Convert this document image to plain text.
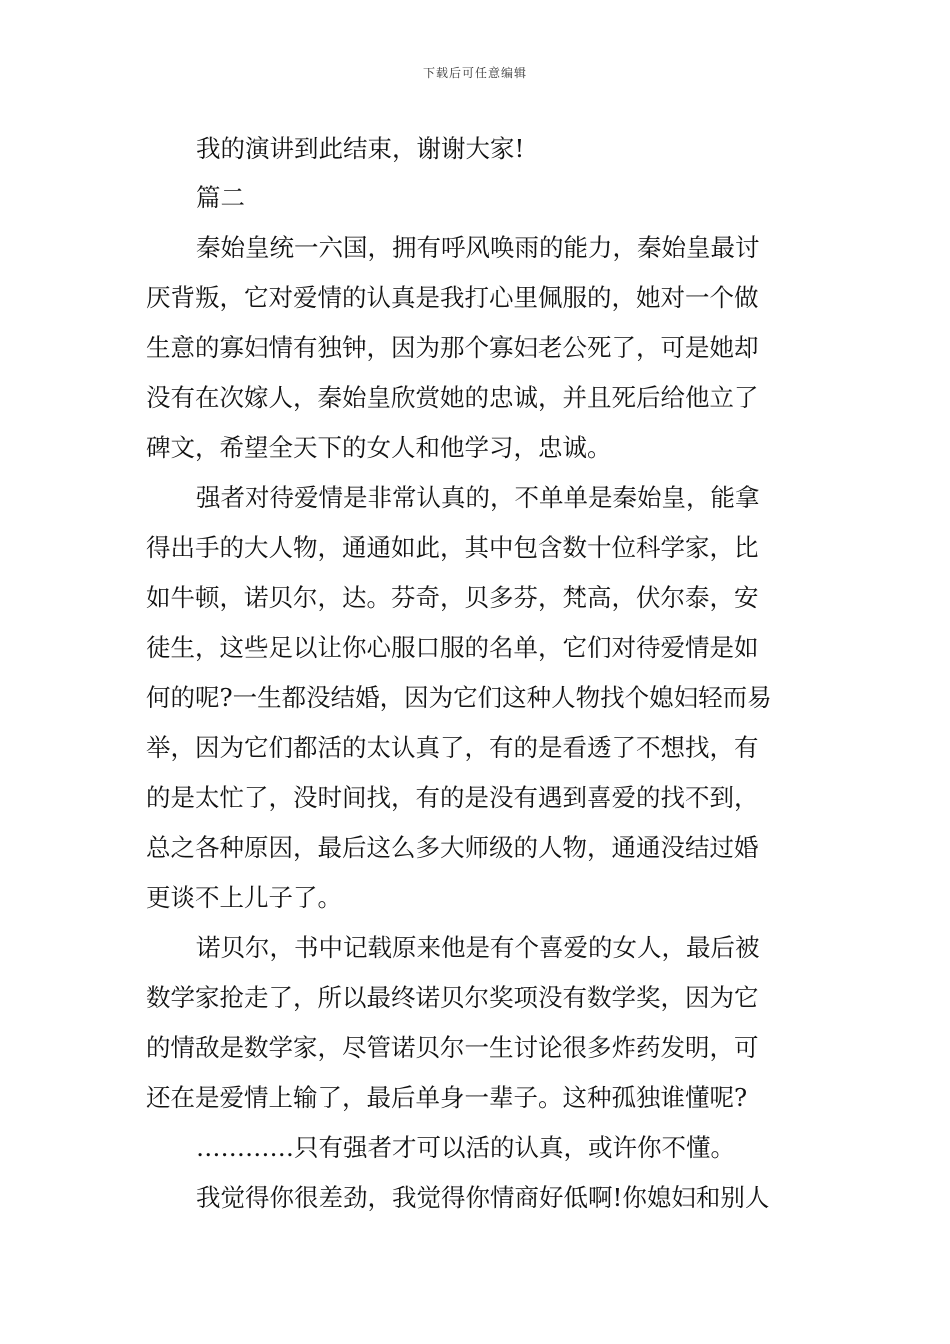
下载后可任意编辑

我的演讲到此结束，谢谢大家!

篇二

秦始皇统一六国，拥有呼风唤雨的能力，秦始皇最讨

厌背叛，它对爱情的认真是我打心里佩服的，她对一个做

生意的寡妇情有独钟，因为那个寡妇老公死了，可是她却

没有在次嫁人，秦始皇欣赏她的忠诚，并且死后给他立了

碑文，希望全天下的女人和他学习，忠诚。

强者对待爱情是非常认真的，不单单是秦始皇，能拿

得出手的大人物，通通如此，其中包含数十位科学家，比

如牛顿，诺贝尔，达。芬奇，贝多芬，梵高，伏尔泰，安

徒生，这些足以让你心服口服的名单，它们对待爱情是如

何的呢?一生都没结婚，因为它们这种人物找个媳妇轻而易

举，因为它们都活的太认真了，有的是看透了不想找，有

的是太忙了，没时间找，有的是没有遇到喜爱的找不到，

总之各种原因，最后这么多大师级的人物，通通没结过婚

更谈不上儿子了。

诺贝尔，书中记载原来他是有个喜爱的女人，最后被

数学家抢走了，所以最终诺贝尔奖项没有数学奖，因为它

的情敌是数学家，尽管诺贝尔一生讨论很多炸药发明，可

还在是爱情上输了，最后单身一辈子。这种孤独谁懂呢?

…………只有强者才可以活的认真，或许你不懂。

我觉得你很差劲，我觉得你情商好低啊!你媳妇和别人
